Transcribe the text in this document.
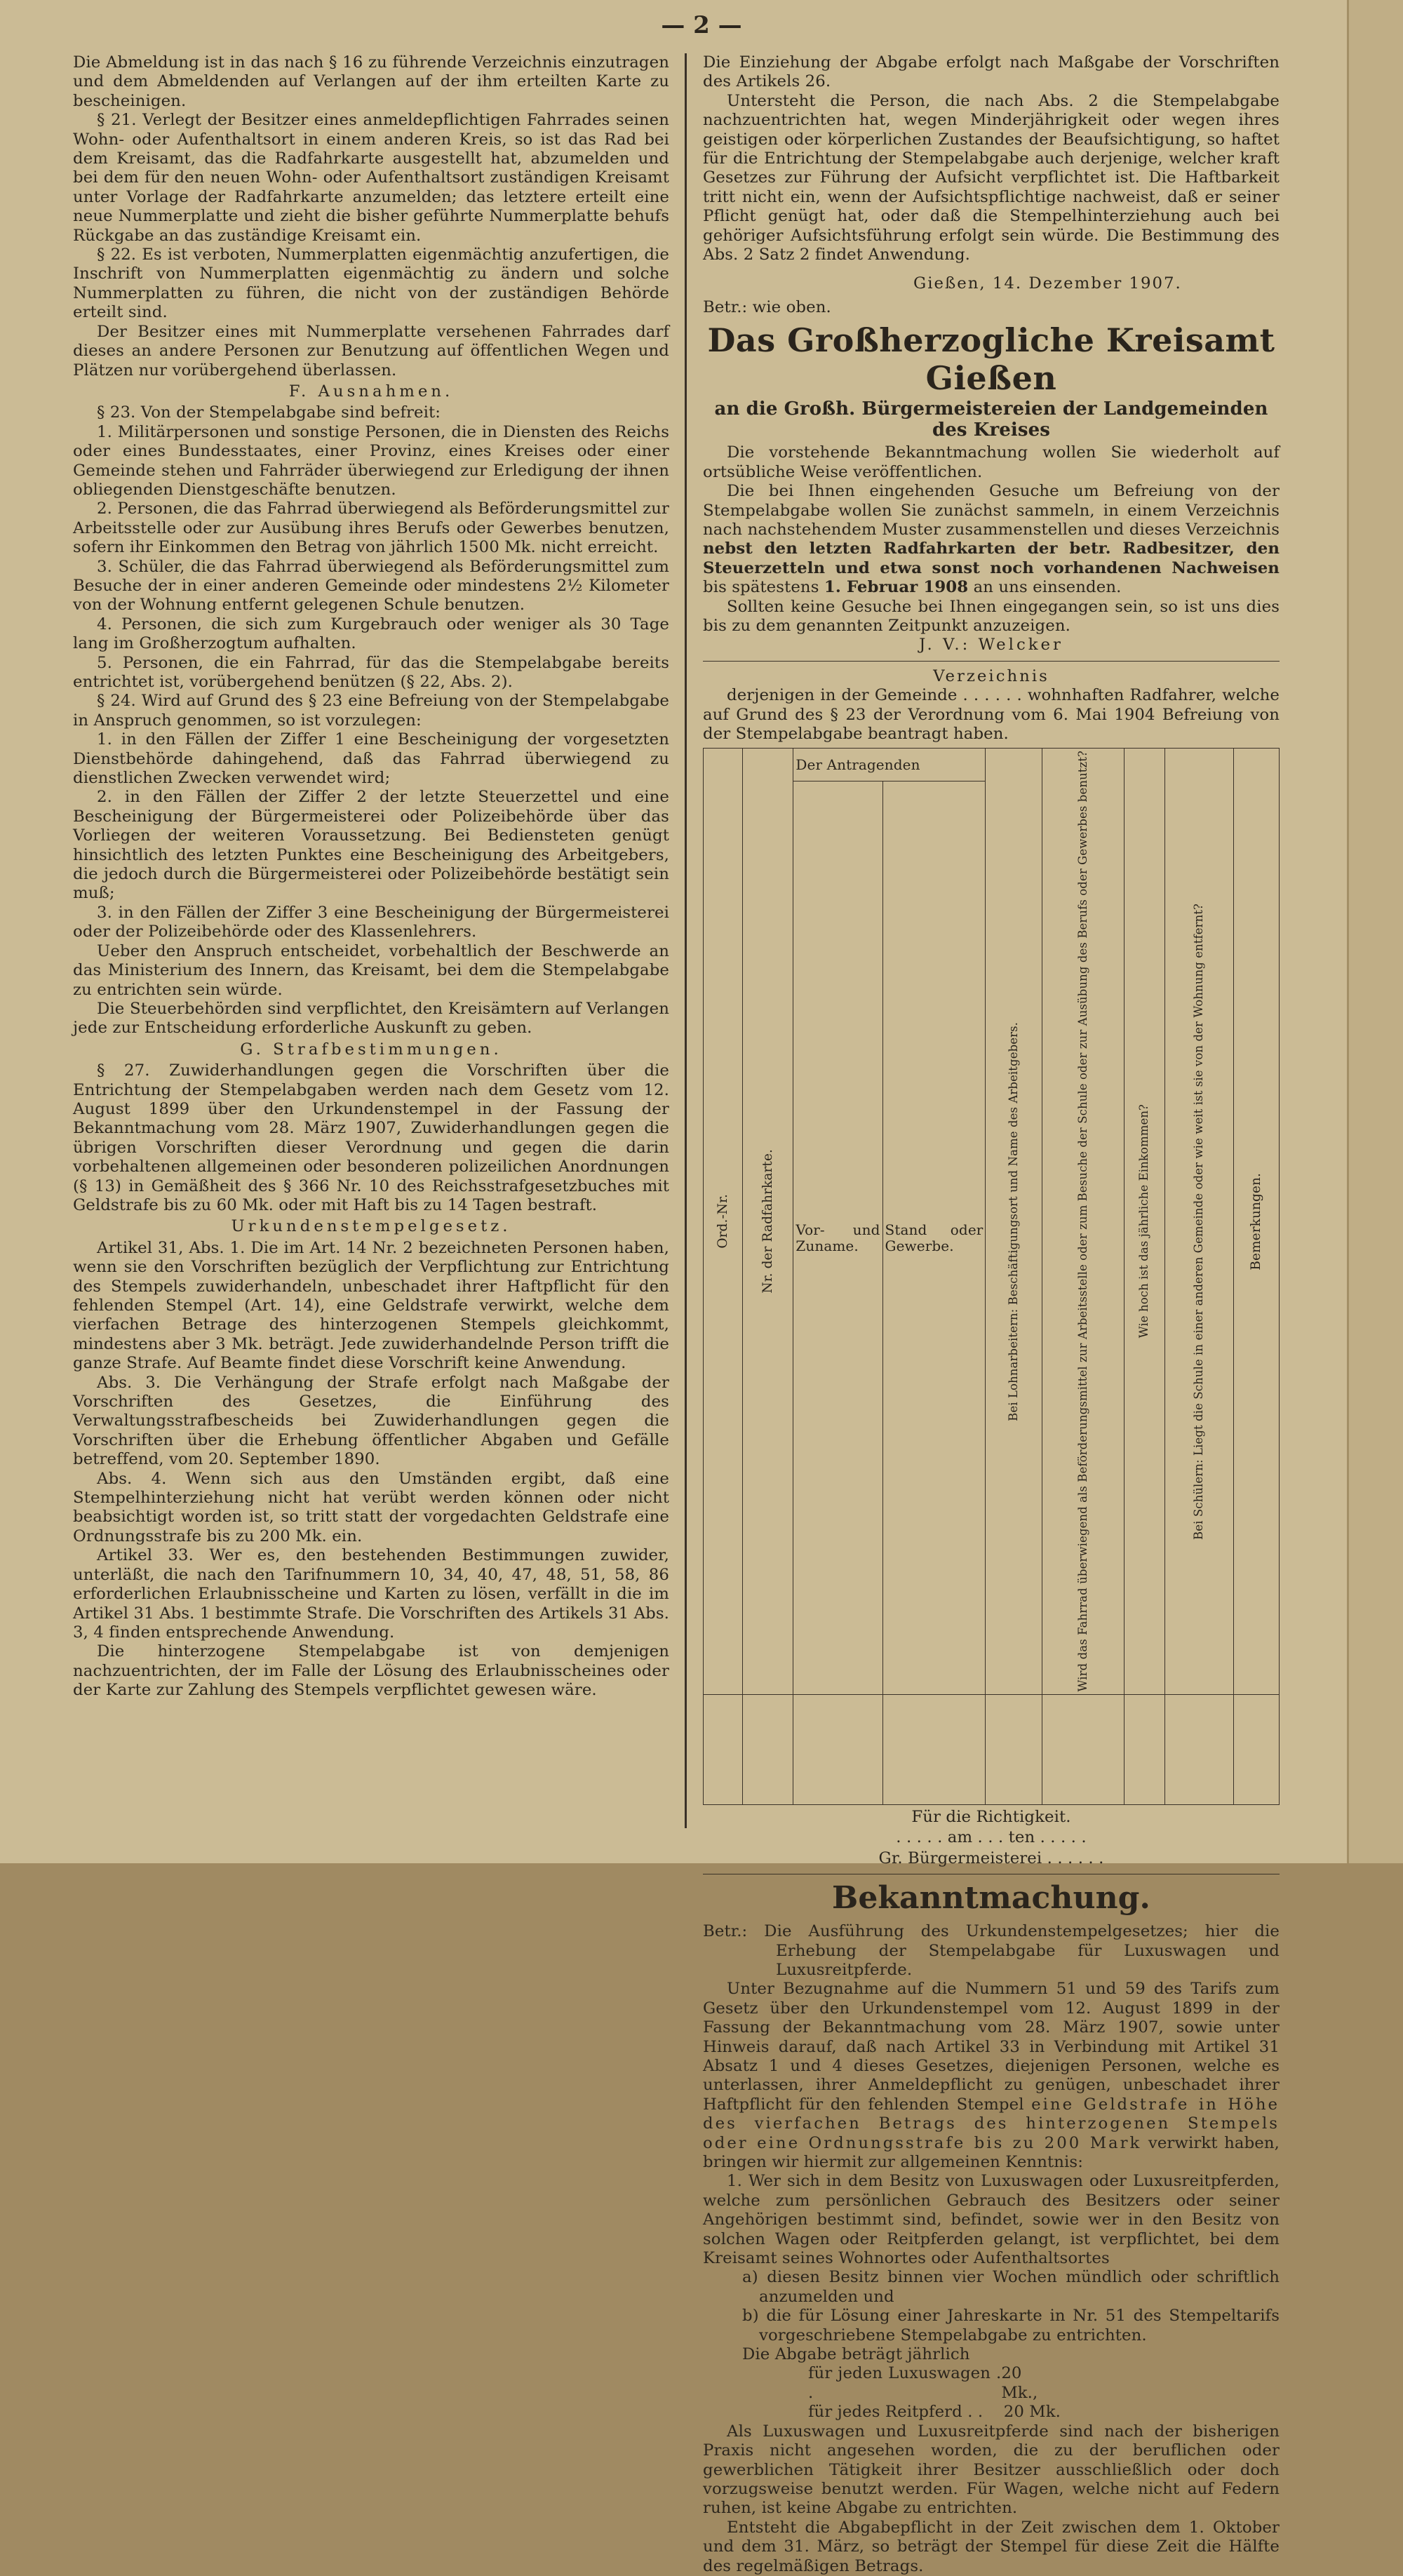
— 2 —

Die Abmeldung ist in das nach § 16 zu führende Verzeichnis einzutragen und dem Abmeldenden auf Verlangen auf der ihm erteilten Karte zu bescheinigen.

§ 21. Verlegt der Besitzer eines anmeldepflichtigen Fahrrades seinen Wohn- oder Aufenthaltsort in einem anderen Kreis, so ist das Rad bei dem Kreisamt, das die Radfahrkarte ausgestellt hat, abzumelden und bei dem für den neuen Wohn- oder Aufenthaltsort zuständigen Kreisamt unter Vorlage der Radfahrkarte anzumelden; das letztere erteilt eine neue Nummerplatte und zieht die bisher geführte Nummerplatte behufs Rückgabe an das zuständige Kreisamt ein.

§ 22. Es ist verboten, Nummerplatten eigenmächtig anzufertigen, die Inschrift von Nummerplatten eigenmächtig zu ändern und solche Nummerplatten zu führen, die nicht von der zuständigen Behörde erteilt sind.

Der Besitzer eines mit Nummerplatte versehenen Fahrrades darf dieses an andere Personen zur Benutzung auf öffentlichen Wegen und Plätzen nur vorübergehend überlassen.

F. Ausnahmen.

§ 23. Von der Stempelabgabe sind befreit:

1. Militärpersonen und sonstige Personen, die in Diensten des Reichs oder eines Bundesstaates, einer Provinz, eines Kreises oder einer Gemeinde stehen und Fahrräder überwiegend zur Erledigung der ihnen obliegenden Dienstgeschäfte benutzen.

2. Personen, die das Fahrrad überwiegend als Beförderungsmittel zur Arbeitsstelle oder zur Ausübung ihres Berufs oder Gewerbes benutzen, sofern ihr Einkommen den Betrag von jährlich 1500 Mk. nicht erreicht.

3. Schüler, die das Fahrrad überwiegend als Beförderungsmittel zum Besuche der in einer anderen Gemeinde oder mindestens 2½ Kilometer von der Wohnung entfernt gelegenen Schule benutzen.

4. Personen, die sich zum Kurgebrauch oder weniger als 30 Tage lang im Großherzogtum aufhalten.

5. Personen, die ein Fahrrad, für das die Stempelabgabe bereits entrichtet ist, vorübergehend benützen (§ 22, Abs. 2).

§ 24. Wird auf Grund des § 23 eine Befreiung von der Stempelabgabe in Anspruch genommen, so ist vorzulegen:

1. in den Fällen der Ziffer 1 eine Bescheinigung der vorgesetzten Dienstbehörde dahingehend, daß das Fahrrad überwiegend zu dienstlichen Zwecken verwendet wird;

2. in den Fällen der Ziffer 2 der letzte Steuerzettel und eine Bescheinigung der Bürgermeisterei oder Polizeibehörde über das Vorliegen der weiteren Voraussetzung. Bei Bediensteten genügt hinsichtlich des letzten Punktes eine Bescheinigung des Arbeitgebers, die jedoch durch die Bürgermeisterei oder Polizeibehörde bestätigt sein muß;

3. in den Fällen der Ziffer 3 eine Bescheinigung der Bürgermeisterei oder der Polizeibehörde oder des Klassenlehrers.

Ueber den Anspruch entscheidet, vorbehaltlich der Beschwerde an das Ministerium des Innern, das Kreisamt, bei dem die Stempelabgabe zu entrichten sein würde.

Die Steuerbehörden sind verpflichtet, den Kreisämtern auf Verlangen jede zur Entscheidung erforderliche Auskunft zu geben.

G. Strafbestimmungen.

§ 27. Zuwiderhandlungen gegen die Vorschriften über die Entrichtung der Stempelabgaben werden nach dem Gesetz vom 12. August 1899 über den Urkundenstempel in der Fassung der Bekanntmachung vom 28. März 1907, Zuwiderhandlungen gegen die übrigen Vorschriften dieser Verordnung und gegen die darin vorbehaltenen allgemeinen oder besonderen polizeilichen Anordnungen (§ 13) in Gemäßheit des § 366 Nr. 10 des Reichsstrafgesetzbuches mit Geldstrafe bis zu 60 Mk. oder mit Haft bis zu 14 Tagen bestraft.

Urkundenstempelgesetz.

Artikel 31, Abs. 1. Die im Art. 14 Nr. 2 bezeichneten Personen haben, wenn sie den Vorschriften bezüglich der Verpflichtung zur Entrichtung des Stempels zuwiderhandeln, unbeschadet ihrer Haftpflicht für den fehlenden Stempel (Art. 14), eine Geldstrafe verwirkt, welche dem vierfachen Betrage des hinterzogenen Stempels gleichkommt, mindestens aber 3 Mk. beträgt. Jede zuwiderhandelnde Person trifft die ganze Strafe. Auf Beamte findet diese Vorschrift keine Anwendung.

Abs. 3. Die Verhängung der Strafe erfolgt nach Maßgabe der Vorschriften des Gesetzes, die Einführung des Verwaltungsstrafbescheids bei Zuwiderhandlungen gegen die Vorschriften über die Erhebung öffentlicher Abgaben und Gefälle betreffend, vom 20. September 1890.

Abs. 4. Wenn sich aus den Umständen ergibt, daß eine Stempelhinterziehung nicht hat verübt werden können oder nicht beabsichtigt worden ist, so tritt statt der vorgedachten Geldstrafe eine Ordnungsstrafe bis zu 200 Mk. ein.

Artikel 33. Wer es, den bestehenden Bestimmungen zuwider, unterläßt, die nach den Tarifnummern 10, 34, 40, 47, 48, 51, 58, 86 erforderlichen Erlaubnisscheine und Karten zu lösen, verfällt in die im Artikel 31 Abs. 1 bestimmte Strafe. Die Vorschriften des Artikels 31 Abs. 3, 4 finden entsprechende Anwendung.

Die hinterzogene Stempelabgabe ist von demjenigen nachzuentrichten, der im Falle der Lösung des Erlaubnisscheines oder der Karte zur Zahlung des Stempels verpflichtet gewesen wäre.

Die Einziehung der Abgabe erfolgt nach Maßgabe der Vorschriften des Artikels 26.

Untersteht die Person, die nach Abs. 2 die Stempelabgabe nachzuentrichten hat, wegen Minderjährigkeit oder wegen ihres geistigen oder körperlichen Zustandes der Beaufsichtigung, so haftet für die Entrichtung der Stempelabgabe auch derjenige, welcher kraft Gesetzes zur Führung der Aufsicht verpflichtet ist. Die Haftbarkeit tritt nicht ein, wenn der Aufsichtspflichtige nachweist, daß er seiner Pflicht genügt hat, oder daß die Stempelhinterziehung auch bei gehöriger Aufsichtsführung erfolgt sein würde. Die Bestimmung des Abs. 2 Satz 2 findet Anwendung.

Gießen, 14. Dezember 1907.

Betr.: wie oben.

Das Großherzogliche Kreisamt Gießen
an die Großh. Bürgermeistereien der Landgemeinden des Kreises

Die vorstehende Bekanntmachung wollen Sie wiederholt auf ortsübliche Weise veröffentlichen.

Die bei Ihnen eingehenden Gesuche um Befreiung von der Stempelabgabe wollen Sie zunächst sammeln, in einem Verzeichnis nach nachstehendem Muster zusammenstellen und dieses Verzeichnis nebst den letzten Radfahrkarten der betr. Radbesitzer, den Steuerzetteln und etwa sonst noch vorhandenen Nachweisen bis spätestens 1. Februar 1908 an uns einsenden.

Sollten keine Gesuche bei Ihnen eingegangen sein, so ist uns dies bis zu dem genannten Zeitpunkt anzuzeigen.

J. V.: Welcker

Verzeichnis

derjenigen in der Gemeinde . . . . . . wohnhaften Radfahrer, welche auf Grund des § 23 der Verordnung vom 6. Mai 1904 Befreiung von der Stempelabgabe beantragt haben.

Ord.-Nr.	Nr. der Radfahrkarte.	Der Antragenden		Bei Lohnarbeitern: Beschäftigungsort und Name des Arbeitgebers.	Wird das Fahrrad überwiegend als Beförderungsmittel zur Arbeitsstelle oder zum Besuche der Schule oder zur Ausübung des Berufs oder Gewerbes benutzt?	Wie hoch ist das jährliche Einkommen?	Bei Schülern: Liegt die Schule in einer anderen Gemeinde oder wie weit ist sie von der Wohnung entfernt?	Bemerkungen.

		Vor- und Zuname.	Stand oder Gewerbe.					

Für die Richtigkeit.

. . . . . am . . . ten . . . . .

Gr. Bürgermeisterei . . . . . .

Bekanntmachung.

Betr.: Die Ausführung des Urkundenstempelgesetzes; hier die Erhebung der Stempelabgabe für Luxuswagen und Luxusreitpferde.

Unter Bezugnahme auf die Nummern 51 und 59 des Tarifs zum Gesetz über den Urkundenstempel vom 12. August 1899 in der Fassung der Bekanntmachung vom 28. März 1907, sowie unter Hinweis darauf, daß nach Artikel 33 in Verbindung mit Artikel 31 Absatz 1 und 4 dieses Gesetzes, diejenigen Personen, welche es unterlassen, ihrer Anmeldepflicht zu genügen, unbeschadet ihrer Haftpflicht für den fehlenden Stempel eine Geldstrafe in Höhe des vierfachen Betrags des hinterzogenen Stempels oder eine Ordnungsstrafe bis zu 200 Mark verwirkt haben, bringen wir hiermit zur allgemeinen Kenntnis:

1. Wer sich in dem Besitz von Luxuswagen oder Luxusreitpferden, welche zum persönlichen Gebrauch des Besitzers oder seiner Angehörigen bestimmt sind, befindet, sowie wer in den Besitz von solchen Wagen oder Reitpferden gelangt, ist verpflichtet, bei dem Kreisamt seines Wohnortes oder Aufenthaltsortes

a) diesen Besitz binnen vier Wochen mündlich oder schriftlich anzumelden und

b) die für Lösung einer Jahreskarte in Nr. 51 des Stempeltarifs vorgeschriebene Stempelabgabe zu entrichten.

Die Abgabe beträgt jährlich

für jeden Luxuswagen . .
20 Mk.,
für jedes Reitpferd . . 20 Mk.

Als Luxuswagen und Luxusreitpferde sind nach der bisherigen Praxis nicht angesehen worden, die zu der beruflichen oder gewerblichen Tätigkeit ihrer Besitzer ausschließlich oder doch vorzugsweise benutzt werden. Für Wagen, welche nicht auf Federn ruhen, ist keine Abgabe zu entrichten.

Entsteht die Abgabepflicht in der Zeit zwischen dem 1. Oktober und dem 31. März, so beträgt der Stempel für diese Zeit die Hälfte des regelmäßigen Betrags.
